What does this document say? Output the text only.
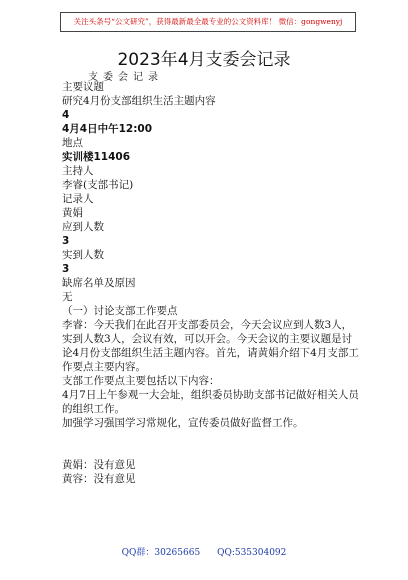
关注头条号“公文研究”，获得最新最全最专业的公文资料库！ 微信：gongwenyj
2023年4月支委会记录
支委会记录
主要议题
研究4月份支部组织生活主题内容
4
4月4日中午12:00
地点
实训楼11406
主持人
李睿(支部书记)
记录人
黄娟
应到人数
3
实到人数
3
缺席名单及原因
无
（一）讨论支部工作要点
李睿：今天我们在此召开支部委员会，今天会议应到人数3人，实到人数3人，会议有效，可以开会。今天会议的主要议题是讨论4月份支部组织生活主题内容。首先，请黄娟介绍下4月支部工作要点主要内容。
支部工作要点主要包括以下内容：
4月7日上午参观一大会址，组织委员协助支部书记做好相关人员的组织工作。
加强学习强国学习常规化，宣传委员做好监督工作。
黄娟：没有意见
黄容：没有意见
QQ群：30265665 QQ:535304092
